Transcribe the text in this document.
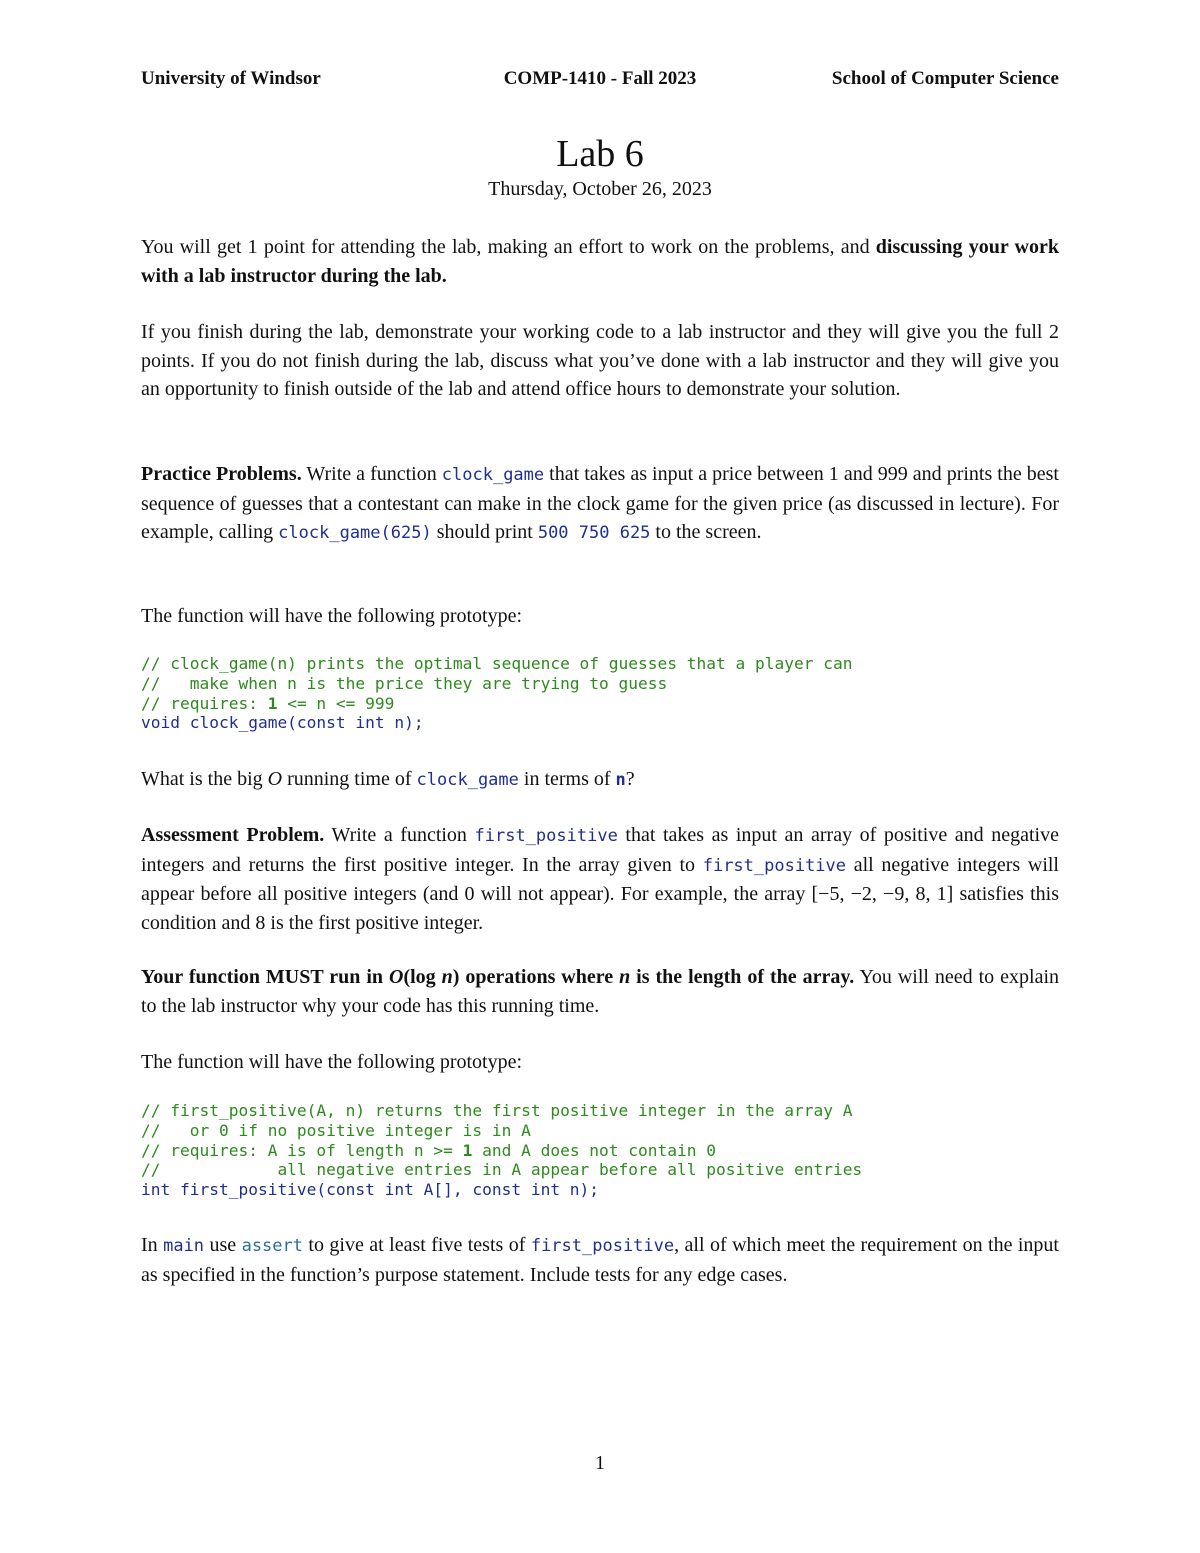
University of Windsor	COMP-1410 - Fall 2023	School of Computer Science
Lab 6
Thursday, October 26, 2023

You will get 1 point for attending the lab, making an effort to work on the problems, and discussing your work with a lab instructor during the lab.

If you finish during the lab, demonstrate your working code to a lab instructor and they will give you the full 2 points. If you do not finish during the lab, discuss what you’ve done with a lab instructor and they will give you an opportunity to finish outside of the lab and attend office hours to demonstrate your solution.

Practice Problems. Write a function clock_game that takes as input a price between 1 and 999 and prints the best sequence of guesses that a contestant can make in the clock game for the given price (as discussed in lecture). For example, calling clock_game(625) should print 500 750 625 to the screen.

The function will have the following prototype:

// clock_game(n) prints the optimal sequence of guesses that a player can
//   make when n is the price they are trying to guess
// requires: 1 <= n <= 999
void clock_game(const int n);

What is the big O running time of clock_game in terms of n?

Assessment Problem. Write a function first_positive that takes as input an array of positive and negative integers and returns the first positive integer. In the array given to first_positive all negative integers will appear before all positive integers (and 0 will not appear). For example, the array [−5, −2, −9, 8, 1] satisfies this condition and 8 is the first positive integer.

Your function MUST run in O(log n) operations where n is the length of the array. You will need to explain to the lab instructor why your code has this running time.

The function will have the following prototype:

// first_positive(A, n) returns the first positive integer in the array A
//   or 0 if no positive integer is in A
// requires: A is of length n >= 1 and A does not contain 0
//            all negative entries in A appear before all positive entries
int first_positive(const int A[], const int n);

In main use assert to give at least five tests of first_positive, all of which meet the requirement on the input as specified in the function’s purpose statement. Include tests for any edge cases.

1
